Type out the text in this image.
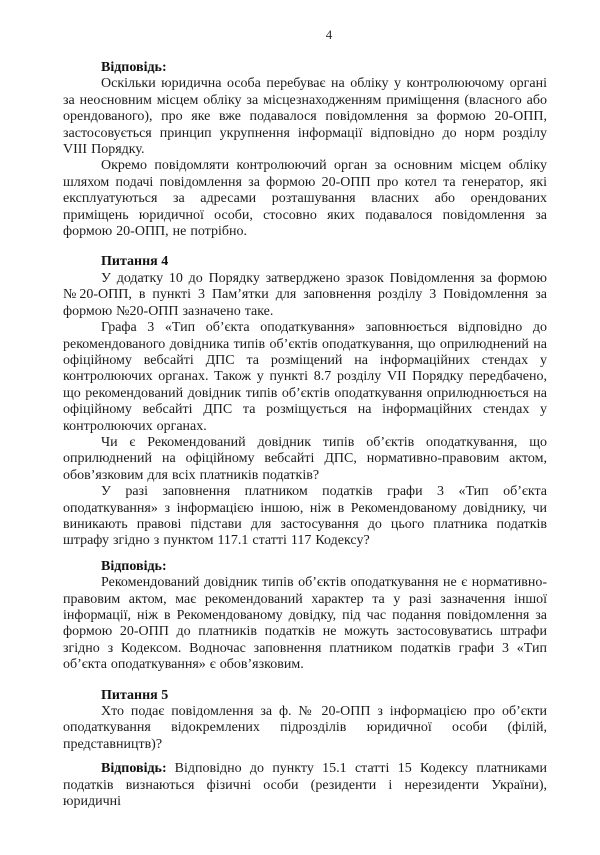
4

Відповідь:

Оскільки юридична особа перебуває на обліку у контролюючому органі за неосновним місцем обліку за місцезнаходженням приміщення (власного або орендованого), про яке вже подавалося повідомлення за формою 20-ОПП, застосовується принцип укрупнення інформації відповідно до норм розділу VIII Порядку.

Окремо повідомляти контролюючий орган за основним місцем обліку шляхом подачі повідомлення за формою 20-ОПП про котел та генератор, які експлуатуються за адресами розташування власних або орендованих приміщень юридичної особи, стосовно яких подавалося повідомлення за формою 20-ОПП, не потрібно.

Питання 4

У додатку 10 до Порядку затверджено зразок Повідомлення за формою №20-ОПП, в пункті 3 Пам’ятки для заповнення розділу 3 Повідомлення за формою №20-ОПП зазначено таке.

Графа 3 «Тип об’єкта оподаткування» заповнюється відповідно до рекомендованого довідника типів об’єктів оподаткування, що оприлюднений на офіційному вебсайті ДПС та розміщений на інформаційних стендах у контролюючих органах. Також у пункті 8.7 розділу VII Порядку передбачено, що рекомендований довідник типів об’єктів оподаткування оприлюднюється на офіційному вебсайті ДПС та розміщується на інформаційних стендах у контролюючих органах.

Чи є Рекомендований довідник типів об’єктів оподаткування, що оприлюднений на офіційному вебсайті ДПС, нормативно-правовим актом, обов’язковим для всіх платників податків?

У разі заповнення платником податків графи 3 «Тип об’єкта оподаткування» з інформацією іншою, ніж в Рекомендованому довіднику, чи виникають правові підстави для застосування до цього платника податків штрафу згідно з пунктом 117.1 статті 117 Кодексу?

Відповідь:

Рекомендований довідник типів об’єктів оподаткування не є нормативно-правовим актом, має рекомендований характер та у разі зазначення іншої інформації, ніж в Рекомендованому довідку, під час подання повідомлення за формою 20-ОПП до платників податків не можуть застосовуватись штрафи згідно з Кодексом. Водночас заповнення платником податків графи 3 «Тип об’єкта оподаткування» є обов’язковим.

Питання 5

Хто подає повідомлення за ф. № 20-ОПП з інформацією про об’єкти оподаткування відокремлених підрозділів юридичної особи (філій, представництв)?

Відповідь: Відповідно до пункту 15.1 статті 15 Кодексу платниками податків визнаються фізичні особи (резиденти і нерезиденти України), юридичні
